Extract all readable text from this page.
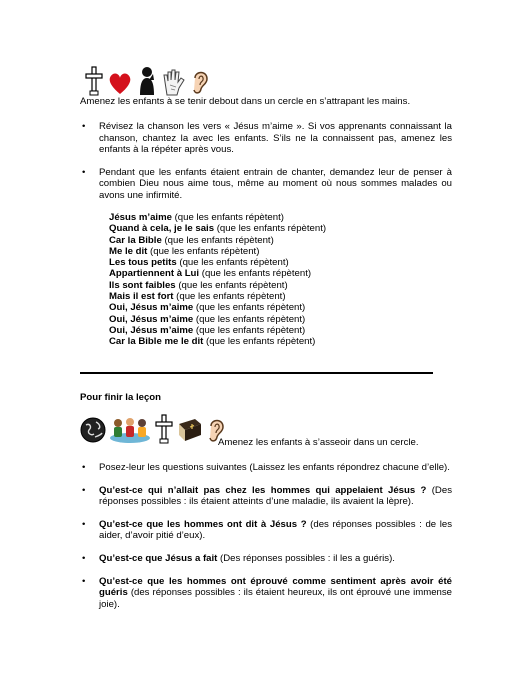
Amenez les enfants à se tenir debout dans un cercle en s’attrapant les mains.

• Révisez la chanson les vers « Jésus m’aime ». Si vos apprenants connaissant la chanson, chantez la avec les enfants. S’ils ne la connaissent pas, amenez les enfants à la répéter après vous.
• Pendant que les enfants étaient entrain de chanter, demandez leur de penser à combien Dieu nous aime tous, même au moment où nous sommes malades ou avons une infirmité.
Jésus m’aime (que les enfants répètent)
Quand à cela, je le sais (que les enfants répètent)
Car la Bible (que les enfants répètent)
Me le dit (que les enfants répètent)
Les tous petits (que les enfants répètent)
Appartiennent à Lui (que les enfants répètent)
Ils sont faibles (que les enfants répètent)
Mais il est fort (que les enfants répètent)
Oui, Jésus m’aime (que les enfants répètent)
Oui, Jésus m’aime (que les enfants répètent)
Oui, Jésus m’aime (que les enfants répètent)
Car la Bible me le dit (que les enfants répètent)
Pour finir la leçon

Amenez les enfants à s’asseoir dans un cercle.

• Posez-leur les questions suivantes (Laissez les enfants répondrez chacune d’elle).
• Qu’est-ce qui n’allait pas chez les hommes qui appelaient Jésus ? (Des réponses possibles : ils étaient atteints d’une maladie, ils avaient la lèpre).
• Qu’est-ce que les hommes ont dit à Jésus ? (des réponses possibles : de les aider, d’avoir pitié d’eux).
• Qu’est-ce que Jésus a fait (Des réponses possibles : il les a guéris).
• Qu’est-ce que les hommes ont éprouvé comme sentiment après avoir été guéris (des réponses possibles : ils étaient heureux, ils ont éprouvé une immense joie).
